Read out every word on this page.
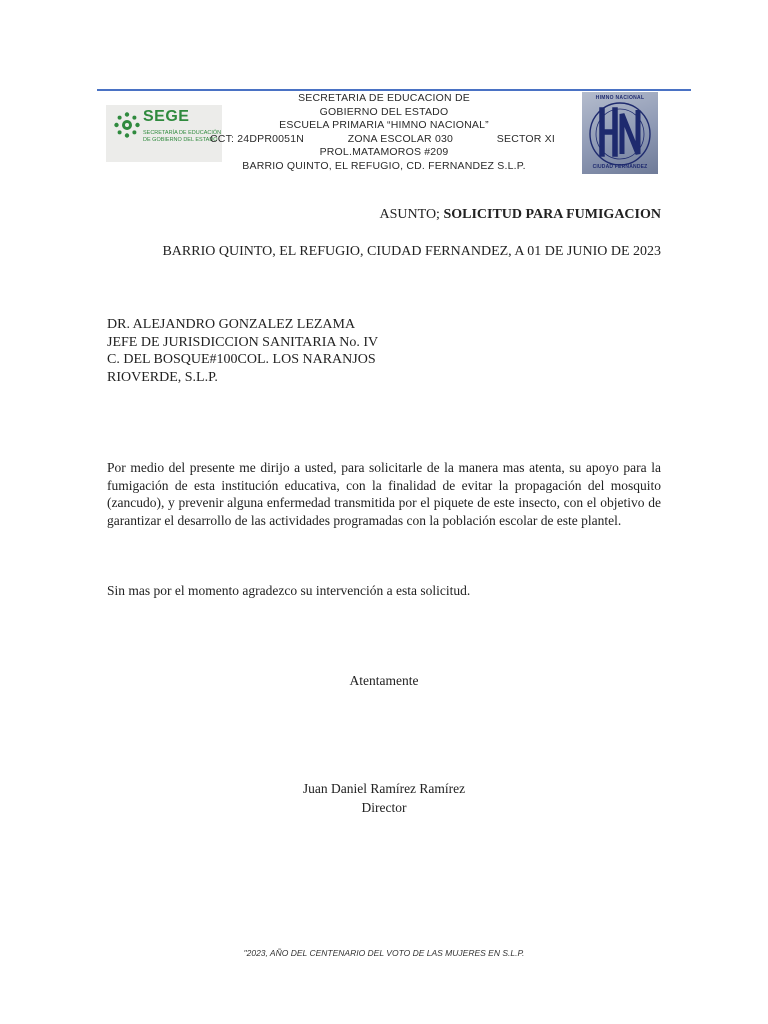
SEGE
SECRETARÍA DE EDUCACIÓN
DE GOBIERNO DEL ESTADO
HIMNO NACIONAL
CIUDAD FERNÁNDEZ
SECRETARIA DE EDUCACION DE
GOBIERNO DEL ESTADO
ESCUELA PRIMARIA “HIMNO NACIONAL”
CCT: 24DPR0051N	ZONA ESCOLAR 030	SECTOR XI
PROL.MATAMOROS #209
BARRIO QUINTO, EL REFUGIO, CD. FERNANDEZ S.L.P.
ASUNTO; SOLICITUD PARA FUMIGACION
BARRIO QUINTO, EL REFUGIO, CIUDAD FERNANDEZ, A 01 DE JUNIO DE 2023
DR. ALEJANDRO GONZALEZ LEZAMA
JEFE DE JURISDICCION SANITARIA No. IV
C. DEL BOSQUE#100COL. LOS NARANJOS
RIOVERDE, S.L.P.
Por medio del presente me dirijo a usted, para solicitarle de la manera mas atenta, su apoyo para la fumigación de esta institución educativa, con la finalidad de evitar la propagación del mosquito (zancudo), y prevenir alguna enfermedad transmitida por el piquete de este insecto, con el objetivo de garantizar el desarrollo de las actividades programadas con la población escolar de este plantel.
Sin mas por el momento agradezco su intervención a esta solicitud.
Atentamente
Juan Daniel Ramírez Ramírez
Director
"2023, AÑO DEL CENTENARIO DEL VOTO DE LAS MUJERES EN S.L.P.
